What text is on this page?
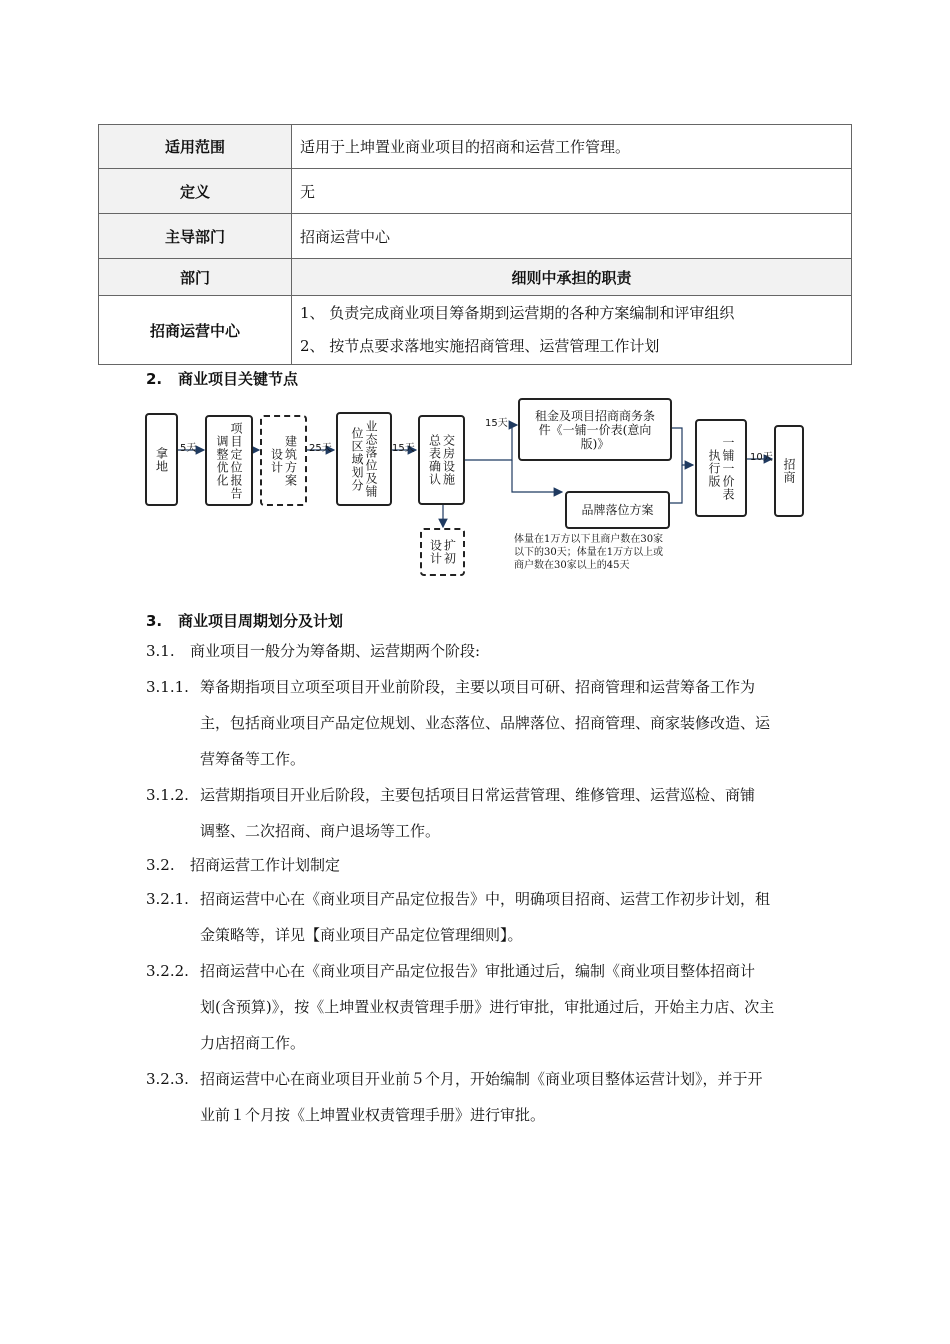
适用范围	适用于上坤置业商业项目的招商和运营工作管理。
定义	无
主导部门	招商运营中心
部门	细则中承担的职责
招商运营中心	1、 负责完成商业项目筹备期到运营期的各种方案编制和评审组织
2、 按节点要求落地实施招商管理、运营管理工作计划
2. 商业项目关键节点
拿地 5天	项目定位报告调整优化	建筑方案设计	25天	业态落位及铺位区域划分	15天	交房设施总表确认
扩初设计
15天
租金及项目招商商务条件《一铺一价表(意向版)》
品牌落位方案
体量在1万方以下且商户数在30家以下的30天；体量在1万方以上或商户数在30家以上的45天
一铺一价表执行版	10天
招商
3. 商业项目周期划分及计划
3.1. 商业项目一般分为筹备期、运营期两个阶段:
3.1.1. 筹备期指项目立项至项目开业前阶段，主要以项目可研、招商管理和运营筹备工作为
主，包括商业项目产品定位规划、业态落位、品牌落位、招商管理、商家装修改造、运
营筹备等工作。
3.1.2. 运营期指项目开业后阶段，主要包括项目日常运营管理、维修管理、运营巡检、商铺
调整、二次招商、商户退场等工作。
3.2. 招商运营工作计划制定
3.2.1. 招商运营中心在《商业项目产品定位报告》中，明确项目招商、运营工作初步计划，租
金策略等，详见【商业项目产品定位管理细则】。
3.2.2. 招商运营中心在《商业项目产品定位报告》审批通过后，编制《商业项目整体招商计
划(含预算)》，按《上坤置业权责管理手册》进行审批，审批通过后，开始主力店、次主
力店招商工作。
3.2.3. 招商运营中心在商业项目开业前５个月，开始编制《商业项目整体运营计划》，并于开
业前１个月按《上坤置业权责管理手册》进行审批。
